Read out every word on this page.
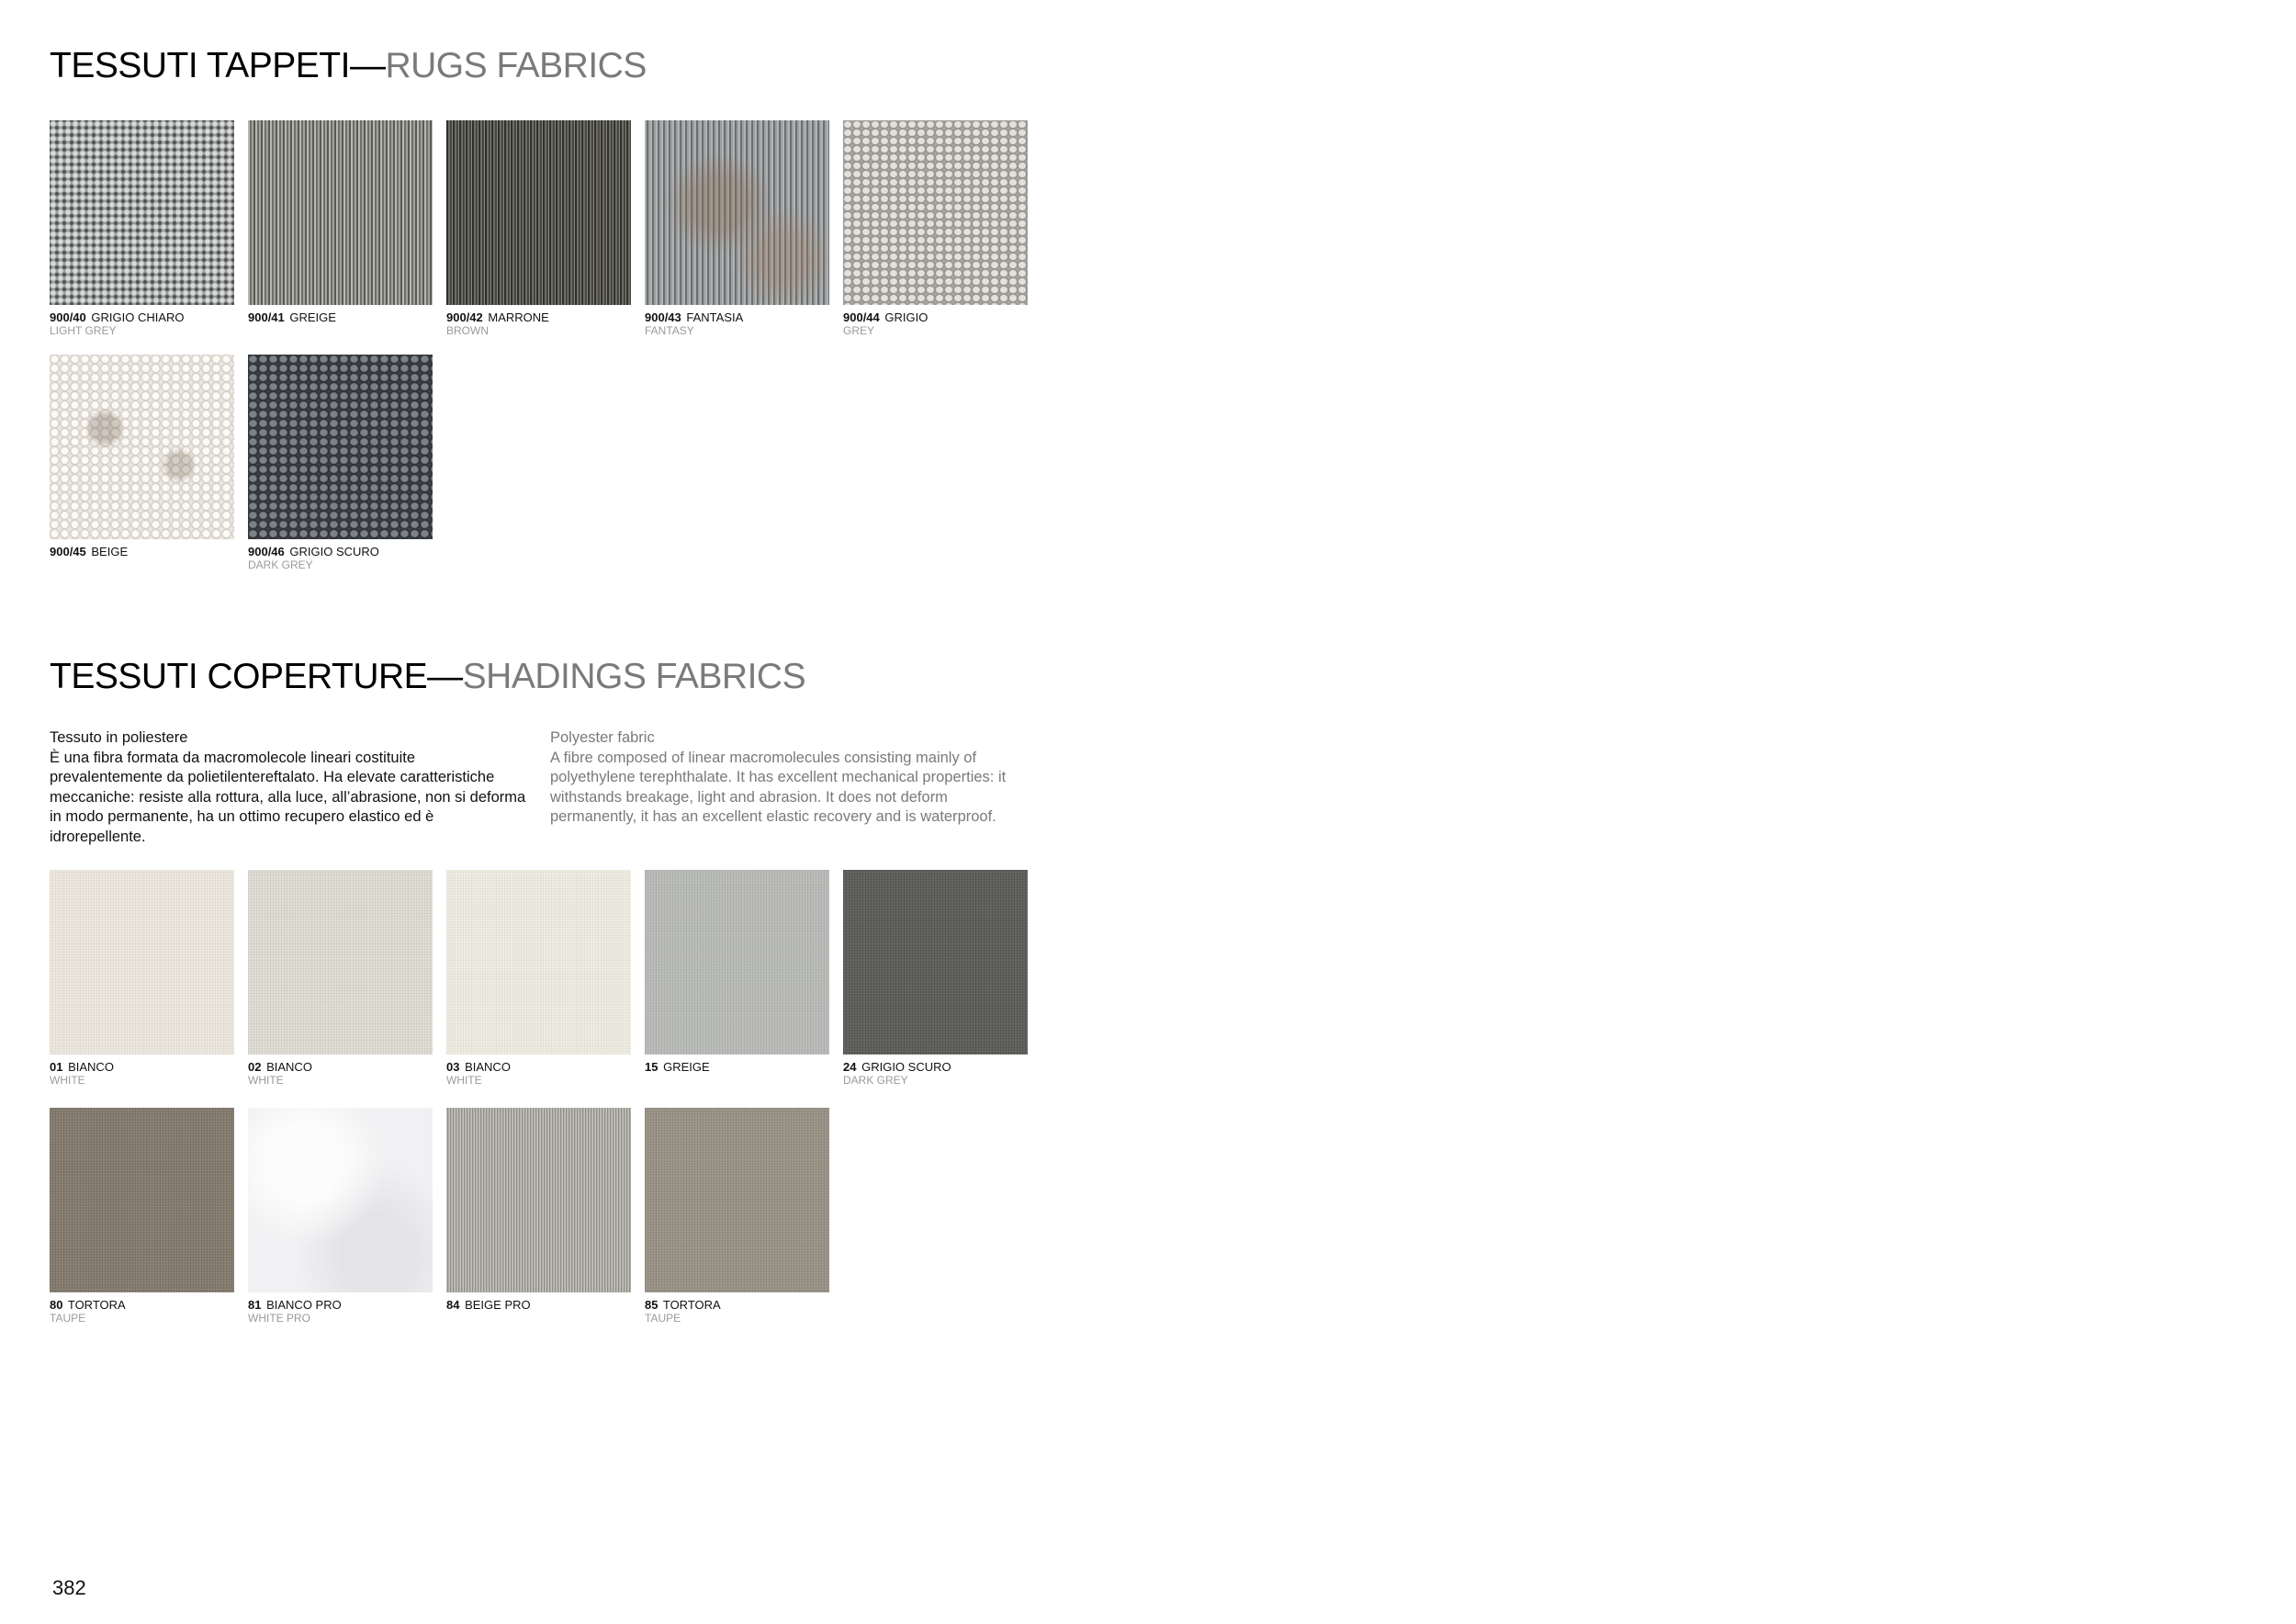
TESSUTI TAPPETI—RUGS FABRICS
900/40 GRIGIO CHIARO
LIGHT GREY
900/41 GREIGE	900/42 MARRONE
BROWN
900/43 FANTASIA
FANTASY
900/44 GRIGIO
GREY
900/45 BEIGE	900/46 GRIGIO SCURO
DARK GREY
TESSUTI COPERTURE—SHADINGS FABRICS
Tessuto in poliestere
È una fibra formata da macromolecole lineari costituite prevalentemente da polietilentereftalato. Ha elevate caratteristiche meccaniche: resiste alla rottura, alla luce, all’abrasione, non si deforma in modo permanente, ha un ottimo recupero elastico ed è idrorepellente.
Polyester fabric
A fibre composed of linear macromolecules consisting mainly of polyethylene terephthalate. It has excellent mechanical properties: it withstands breakage, light and abrasion. It does not deform permanently, it has an excellent elastic recovery and is waterproof.
01 BIANCO
WHITE
02 BIANCO
WHITE
03 BIANCO
WHITE
15 GREIGE	24 GRIGIO SCURO
DARK GREY
80 TORTORA
TAUPE
81 BIANCO PRO
WHITE PRO
84 BEIGE PRO	85 TORTORA
TAUPE
382
